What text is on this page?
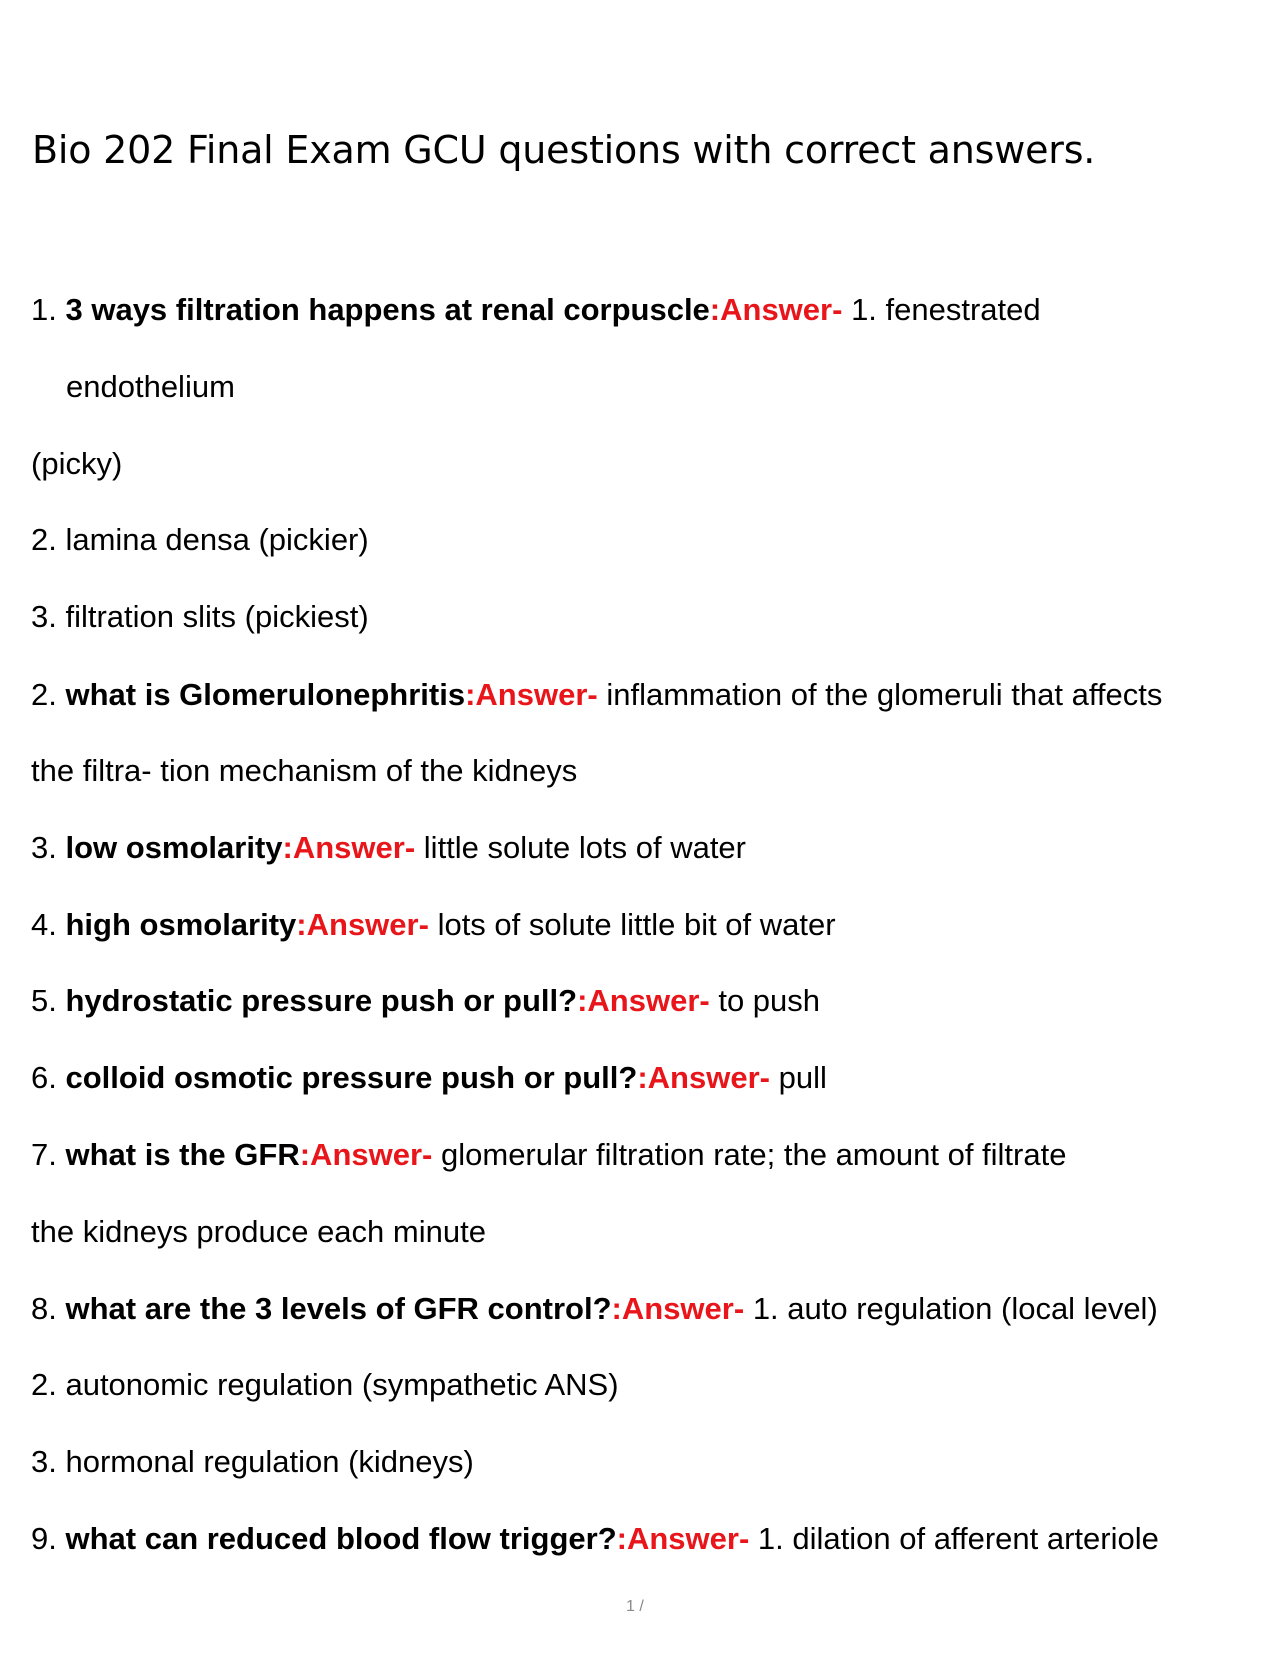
Bio 202 Final Exam GCU questions with correct answers.
1. 3 ways filtration happens at renal corpuscle:Answer- 1. fenestrated
endothelium
(picky)
2. lamina densa (pickier)
3. filtration slits (pickiest)
2. what is Glomerulonephritis:Answer- inflammation of the glomeruli that affects
the filtra- tion mechanism of the kidneys
3. low osmolarity:Answer- little solute lots of water
4. high osmolarity:Answer- lots of solute little bit of water
5. hydrostatic pressure push or pull?:Answer- to push
6. colloid osmotic pressure push or pull?:Answer- pull
7. what is the GFR:Answer- glomerular filtration rate; the amount of filtrate
the kidneys produce each minute
8. what are the 3 levels of GFR control?:Answer- 1. auto regulation (local level)
2. autonomic regulation (sympathetic ANS)
3. hormonal regulation (kidneys)
9. what can reduced blood flow trigger?:Answer- 1. dilation of afferent arteriole
1 /
